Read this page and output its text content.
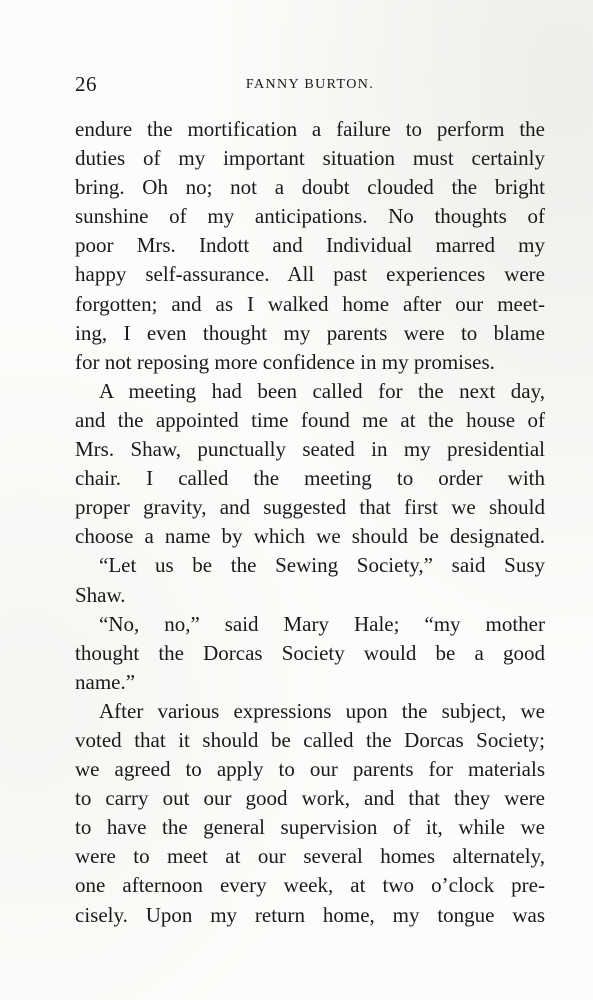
26	FANNY BURTON.
endure the mortification a failure to perform the
duties of my important situation must certainly
bring. Oh no; not a doubt clouded the bright
sunshine of my anticipations. No thoughts of
poor Mrs. Indott and Individual marred my
happy self-assurance. All past experiences were
forgotten; and as I walked home after our meet-
ing, I even thought my parents were to blame
for not reposing more confidence in my promises.
A meeting had been called for the next day,
and the appointed time found me at the house of
Mrs. Shaw, punctually seated in my presidential
chair. I called the meeting to order with
proper gravity, and suggested that first we should
choose a name by which we should be designated.
“Let us be the Sewing Society,” said Susy
Shaw.
“No, no,” said Mary Hale; “my mother
thought the Dorcas Society would be a good
name.”
After various expressions upon the subject, we
voted that it should be called the Dorcas Society;
we agreed to apply to our parents for materials
to carry out our good work, and that they were
to have the general supervision of it, while we
were to meet at our several homes alternately,
one afternoon every week, at two o’clock pre-
cisely. Upon my return home, my tongue was
